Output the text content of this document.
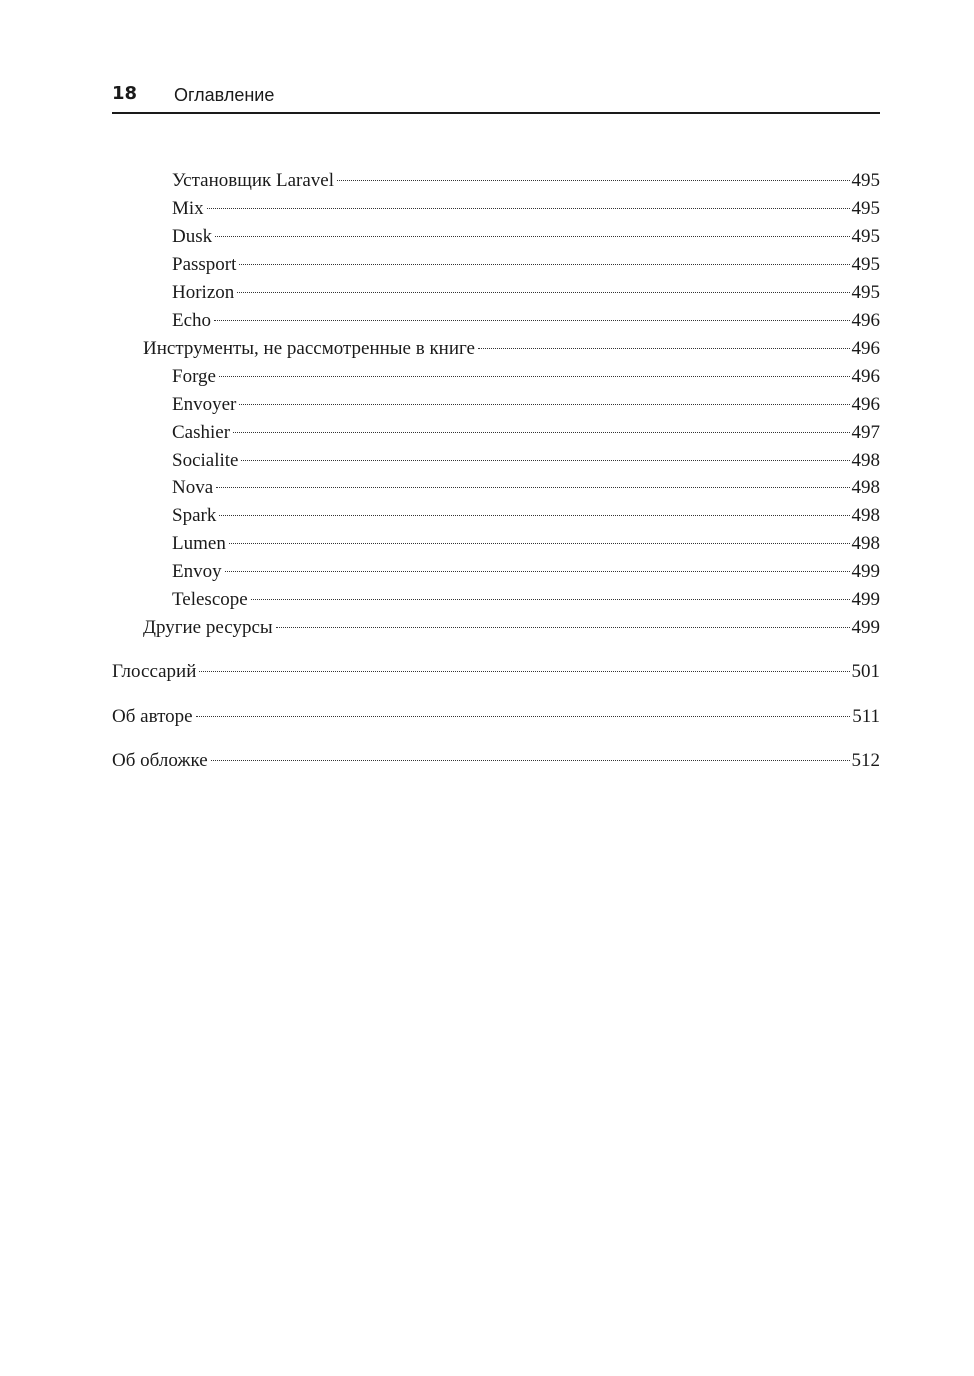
18 Оглавление
Установщик Laravel	495
Mix	495
Dusk	495
Passport	495
Horizon	495
Echo	496
Инструменты, не рассмотренные в книге	496
Forge	496
Envoyer	496
Cashier	497
Socialite	498
Nova	498
Spark	498
Lumen	498
Envoy	499
Telescope	499
Другие ресурсы	499
Глоссарий	501
Об авторе	511
Об обложке	512
